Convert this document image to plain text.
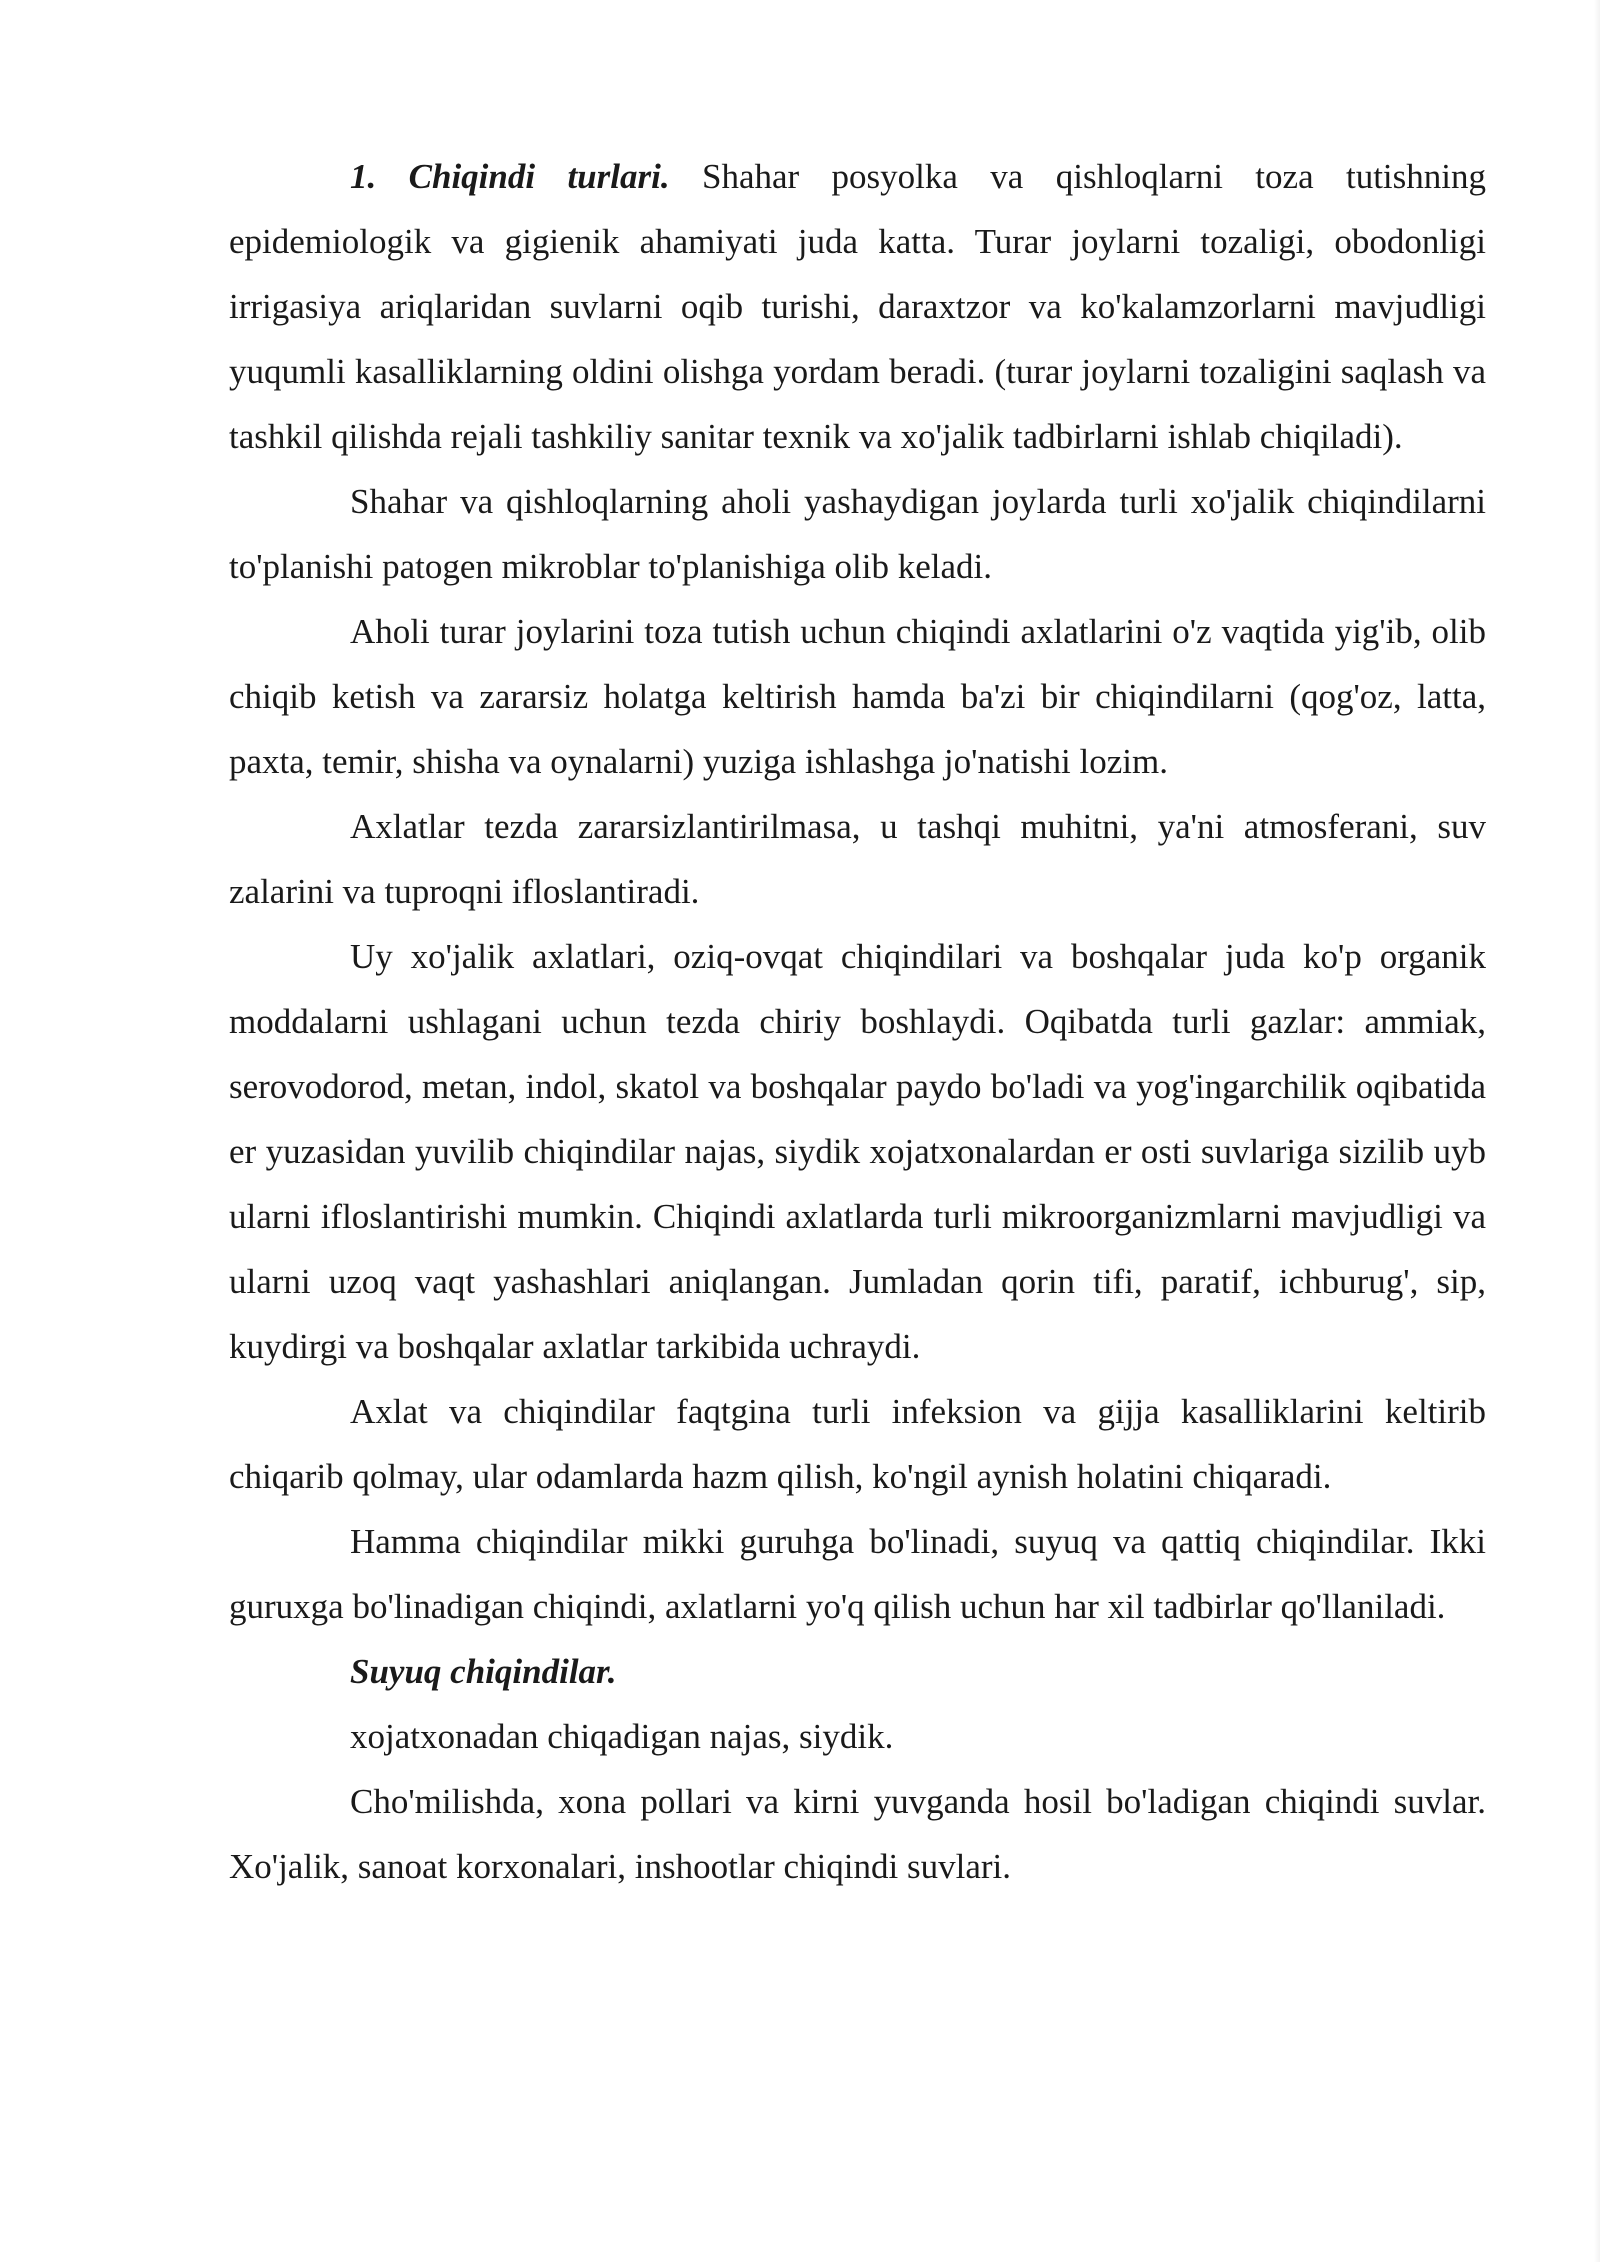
1. Chiqindi turlari. Shahar posyolka va qishloqlarni toza tutishning epidemiologik va gigienik ahamiyati juda katta. Turar joylarni tozaligi, obodonligi irrigasiya ariqlaridan suvlarni oqib turishi, daraxtzor va ko'kalamzorlarni mavjudligi yuqumli kasalliklarning oldini olishga yordam beradi. (turar joylarni tozaligini saqlash va tashkil qilishda rejali tashkiliy sanitar texnik va xo'jalik tadbirlarni ishlab chiqiladi).

Shahar va qishloqlarning aholi yashaydigan joylarda turli xo'jalik chiqindilarni to'planishi patogen mikroblar to'planishiga olib keladi.

Aholi turar joylarini toza tutish uchun chiqindi axlatlarini o'z vaqtida yig'ib, olib chiqib ketish va zararsiz holatga keltirish hamda ba'zi bir chiqindilarni (qog'oz, latta, paxta, temir, shisha va oynalarni) yuziga ishlashga jo'natishi lozim.

Axlatlar tezda zararsizlantirilmasa, u tashqi muhitni, ya'ni atmosferani, suv zalarini va tuproqni ifloslantiradi.

Uy xo'jalik axlatlari, oziq-ovqat chiqindilari va boshqalar juda ko'p organik moddalarni ushlagani uchun tezda chiriy boshlaydi. Oqibatda turli gazlar: ammiak, serovodorod, metan, indol, skatol va boshqalar paydo bo'ladi va yog'ingarchilik oqibatida er yuzasidan yuvilib chiqindilar najas, siydik xojatxonalardan er osti suvlariga sizilib uyb ularni ifloslantirishi mumkin. Chiqindi axlatlarda turli mikroorganizmlarni mavjudligi va ularni uzoq vaqt yashashlari aniqlangan. Jumladan qorin tifi, paratif, ichburug', sip, kuydirgi va boshqalar axlatlar tarkibida uchraydi.

Axlat va chiqindilar faqtgina turli infeksion va gijja kasalliklarini keltirib chiqarib qolmay, ular odamlarda hazm qilish, ko'ngil aynish holatini chiqaradi.

Hamma chiqindilar mikki guruhga bo'linadi, suyuq va qattiq chiqindilar. Ikki guruxga bo'linadigan chiqindi, axlatlarni yo'q qilish uchun har xil tadbirlar qo'llaniladi.

Suyuq chiqindilar.

xojatxonadan chiqadigan najas, siydik.

Cho'milishda, xona pollari va kirni yuvganda hosil bo'ladigan chiqindi suvlar. Xo'jalik, sanoat korxonalari, inshootlar chiqindi suvlari.
